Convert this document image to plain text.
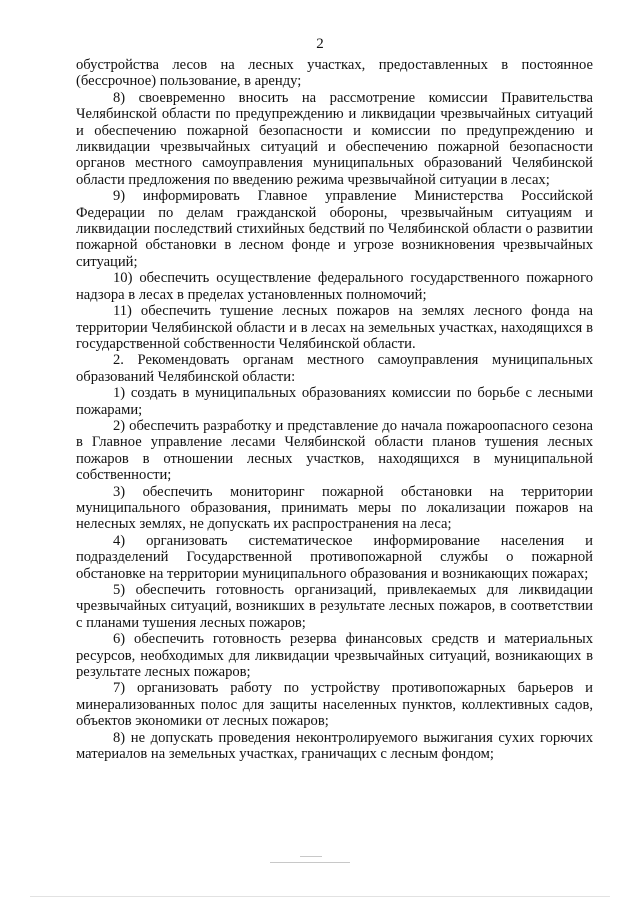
2

обустройства лесов на лесных участках, предоставленных в постоянное (бессрочное) пользование, в аренду;

8) своевременно вносить на рассмотрение комиссии Правительства Челябинской области по предупреждению и ликвидации чрезвычайных ситуаций и обеспечению пожарной безопасности и комиссии по предупреждению и ликвидации чрезвычайных ситуаций и обеспечению пожарной безопасности органов местного самоуправления муниципальных образований Челябинской области предложения по введению режима чрезвычайной ситуации в лесах;

9) информировать Главное управление Министерства Российской Федерации по делам гражданской обороны, чрезвычайным ситуациям и ликвидации последствий стихийных бедствий по Челябинской области о развитии пожарной обстановки в лесном фонде и угрозе возникновения чрезвычайных ситуаций;

10) обеспечить осуществление федерального государственного пожарного надзора в лесах в пределах установленных полномочий;

11) обеспечить тушение лесных пожаров на землях лесного фонда на территории Челябинской области и в лесах на земельных участках, находящихся в государственной собственности Челябинской области.

2. Рекомендовать органам местного самоуправления муниципальных образований Челябинской области:

1) создать в муниципальных образованиях комиссии по борьбе с лесными пожарами;

2) обеспечить разработку и представление до начала пожароопасного сезона в Главное управление лесами Челябинской области планов тушения лесных пожаров в отношении лесных участков, находящихся в муниципальной собственности;

3) обеспечить мониторинг пожарной обстановки на территории муниципального образования, принимать меры по локализации пожаров на нелесных землях, не допускать их распространения на леса;

4) организовать систематическое информирование населения и подразделений Государственной противопожарной службы о пожарной обстановке на территории муниципального образования и возникающих пожарах;

5) обеспечить готовность организаций, привлекаемых для ликвидации чрезвычайных ситуаций, возникших в результате лесных пожаров, в соответствии с планами тушения лесных пожаров;

6) обеспечить готовность резерва финансовых средств и материальных ресурсов, необходимых для ликвидации чрезвычайных ситуаций, возникающих в результате лесных пожаров;

7) организовать работу по устройству противопожарных барьеров и минерализованных полос для защиты населенных пунктов, коллективных садов, объектов экономики от лесных пожаров;

8) не допускать проведения неконтролируемого выжигания сухих горючих материалов на земельных участках, граничащих с лесным фондом;
